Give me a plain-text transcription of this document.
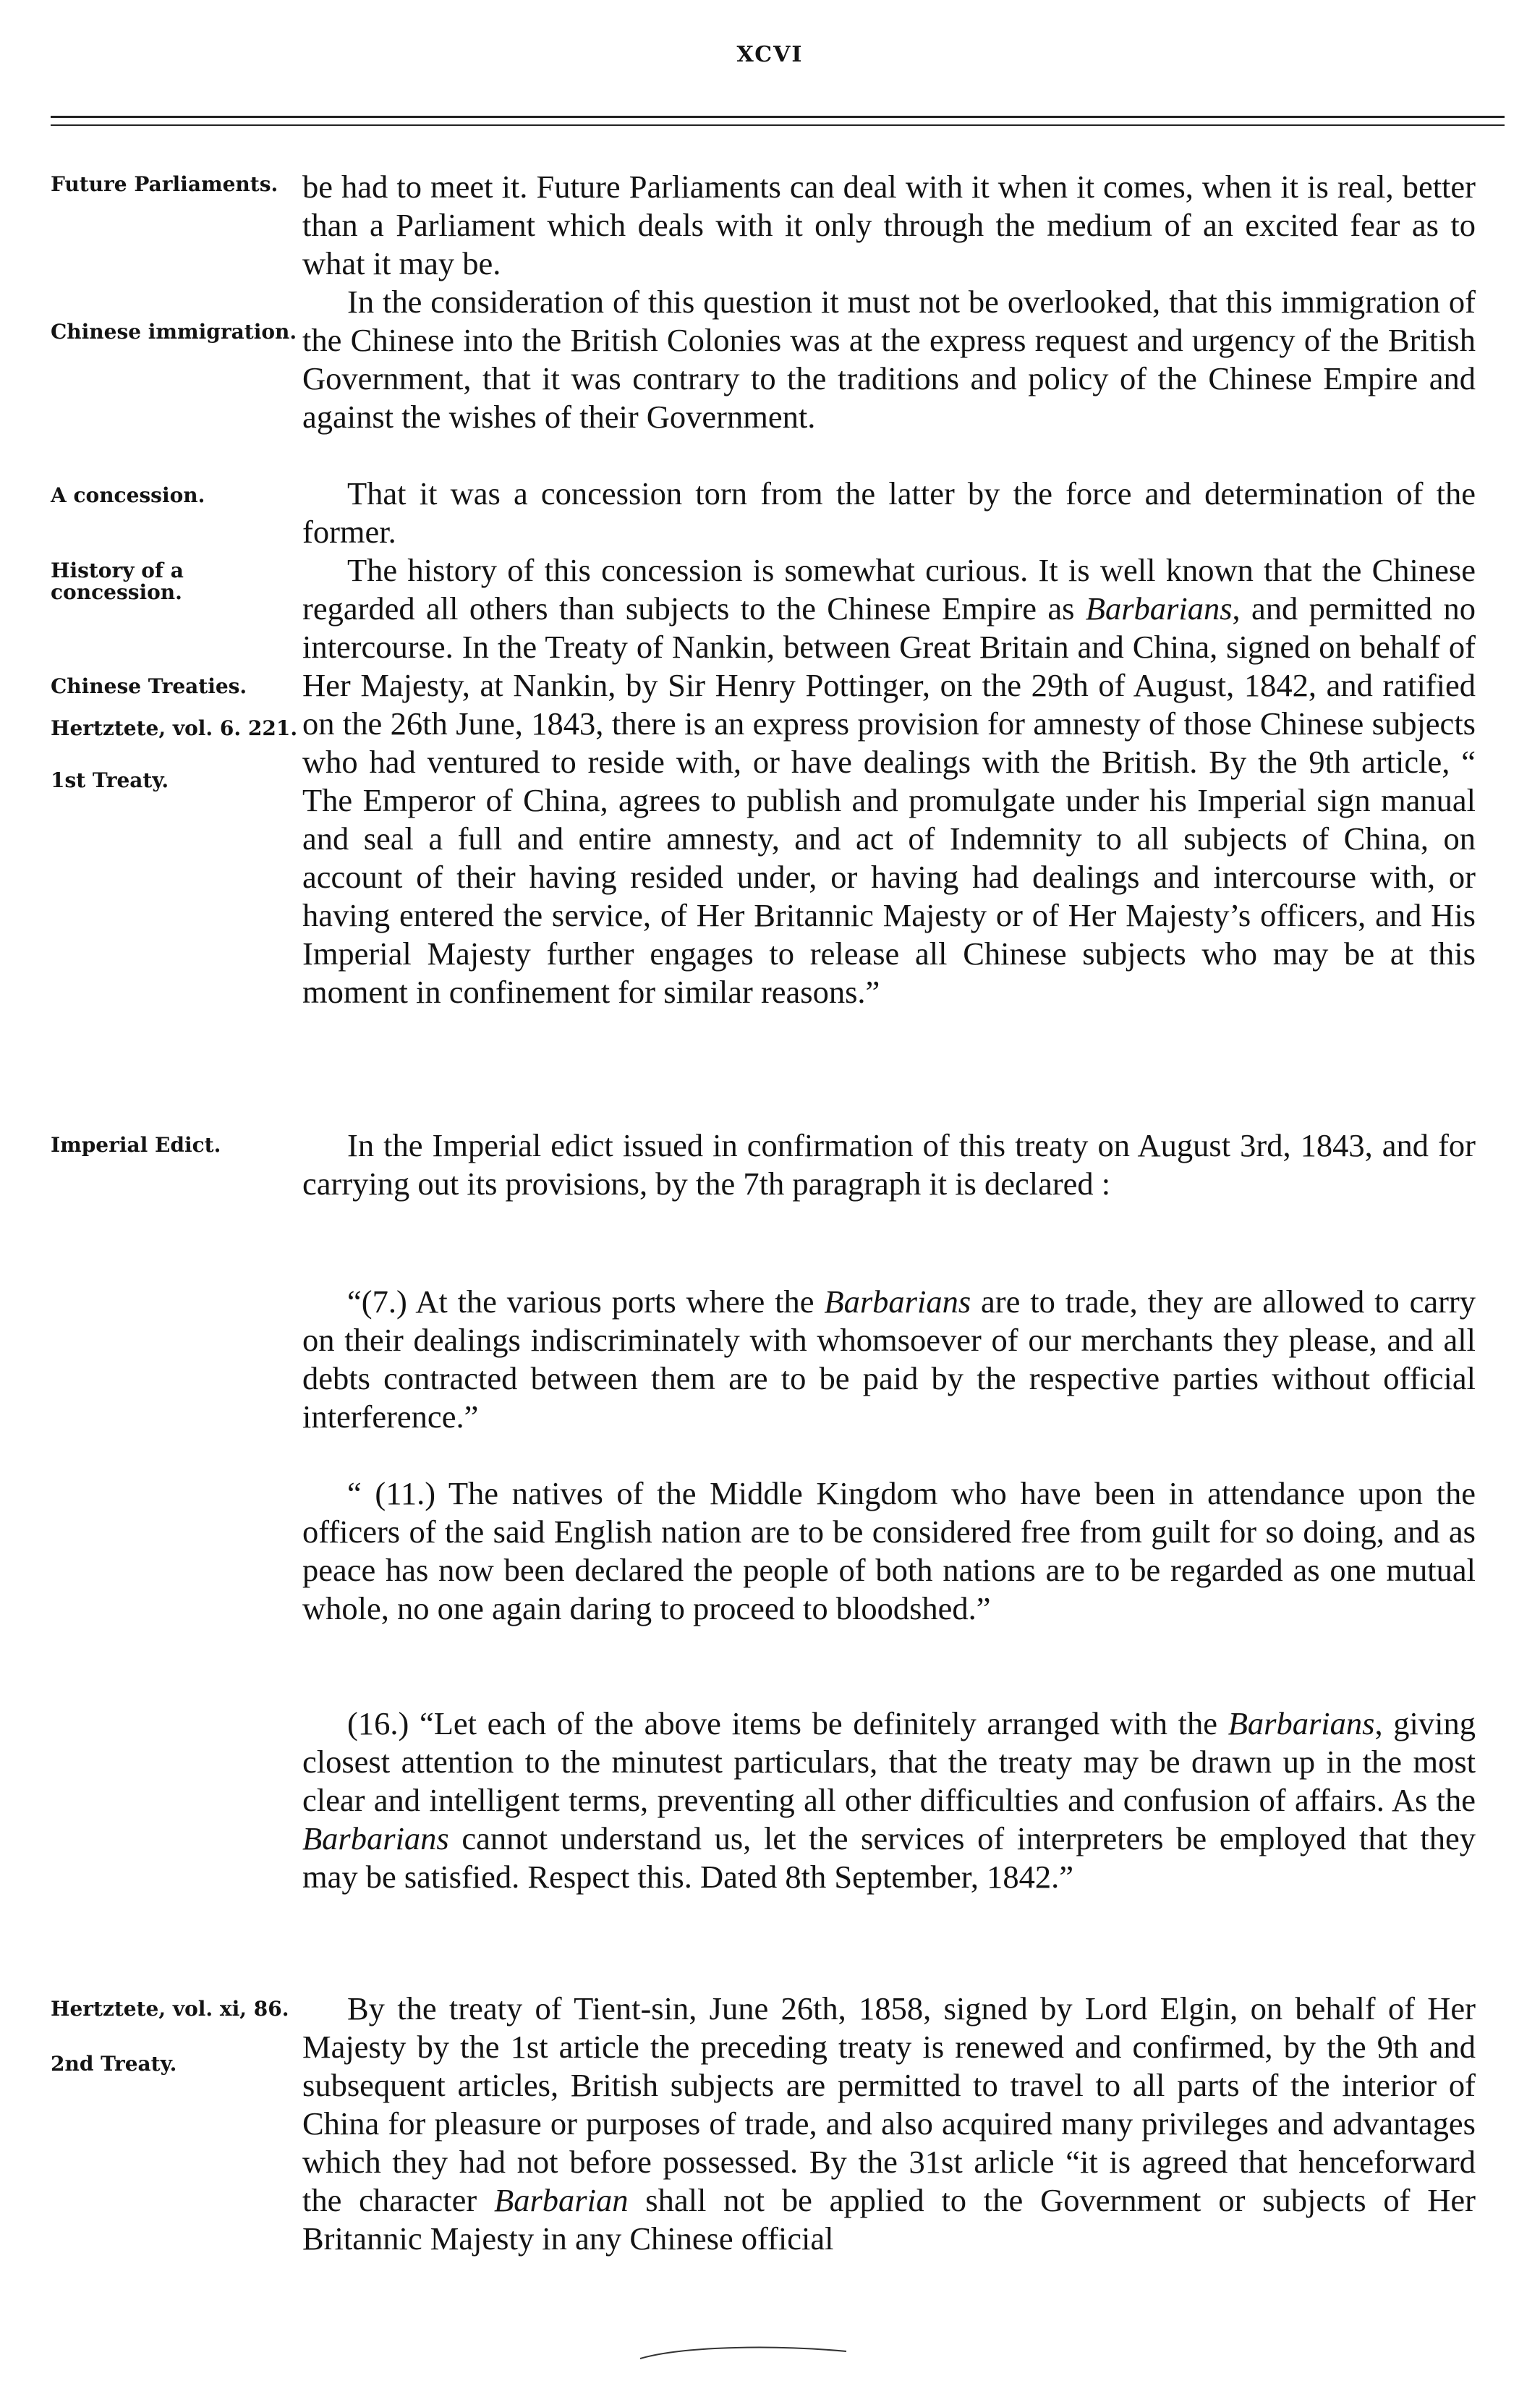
XCVI
Future Parliaments.
Chinese immigration.
A concession.
History of a concession.
Chinese Treaties.
Hertztete, vol. 6. 221.
1st Treaty.
Imperial Edict.
Hertztete, vol. xi, 86.
2nd Treaty.
be had to meet it. Future Parliaments can deal with it when it comes, when it is real, better than a Parliament which deals with it only through the medium of an excited fear as to what it may be.
In the consideration of this question it must not be overlooked, that this immigration of the Chinese into the British Colonies was at the express request and urgency of the British Government, that it was contrary to the traditions and policy of the Chinese Empire and against the wishes of their Government.
That it was a concession torn from the latter by the force and determination of the former.
The history of this concession is somewhat curious. It is well known that the Chinese regarded all others than subjects to the Chinese Empire as Barbarians, and permitted no intercourse. In the Treaty of Nankin, between Great Britain and China, signed on behalf of Her Majesty, at Nankin, by Sir Henry Pottinger, on the 29th of August, 1842, and ratified on the 26th June, 1843, there is an express provision for amnesty of those Chinese subjects who had ventured to reside with, or have dealings with the British. By the 9th article, “ The Emperor of China, agrees to publish and promulgate under his Imperial sign manual and seal a full and entire amnesty, and act of Indemnity to all subjects of China, on account of their having resided under, or having had dealings and intercourse with, or having entered the service, of Her Britannic Majesty or of Her Majesty’s officers, and His Imperial Majesty further engages to release all Chinese subjects who may be at this moment in confinement for similar reasons.”
In the Imperial edict issued in confirmation of this treaty on August 3rd, 1843, and for carrying out its provisions, by the 7th paragraph it is declared :
“(7.) At the various ports where the Barbarians are to trade, they are allowed to carry on their dealings indiscriminately with whomsoever of our merchants they please, and all debts contracted between them are to be paid by the respective parties without official interference.”
“ (11.) The natives of the Middle Kingdom who have been in attendance upon the officers of the said English nation are to be considered free from guilt for so doing, and as peace has now been declared the people of both nations are to be regarded as one mutual whole, no one again daring to proceed to bloodshed.”
(16.) “Let each of the above items be definitely arranged with the Barbarians, giving closest attention to the minutest particulars, that the treaty may be drawn up in the most clear and intelligent terms, preventing all other difficulties and confusion of affairs. As the Barbarians cannot understand us, let the services of interpreters be employed that they may be satisfied. Respect this. Dated 8th September, 1842.”
By the treaty of Tient-sin, June 26th, 1858, signed by Lord Elgin, on behalf of Her Majesty by the 1st article the preceding treaty is renewed and confirmed, by the 9th and subsequent articles, British subjects are permitted to travel to all parts of the interior of China for pleasure or purposes of trade, and also acquired many privileges and advantages which they had not before possessed. By the 31st arlicle “it is agreed that henceforward the character Barbarian shall not be applied to the Government or subjects of Her Britannic Majesty in any Chinese official
